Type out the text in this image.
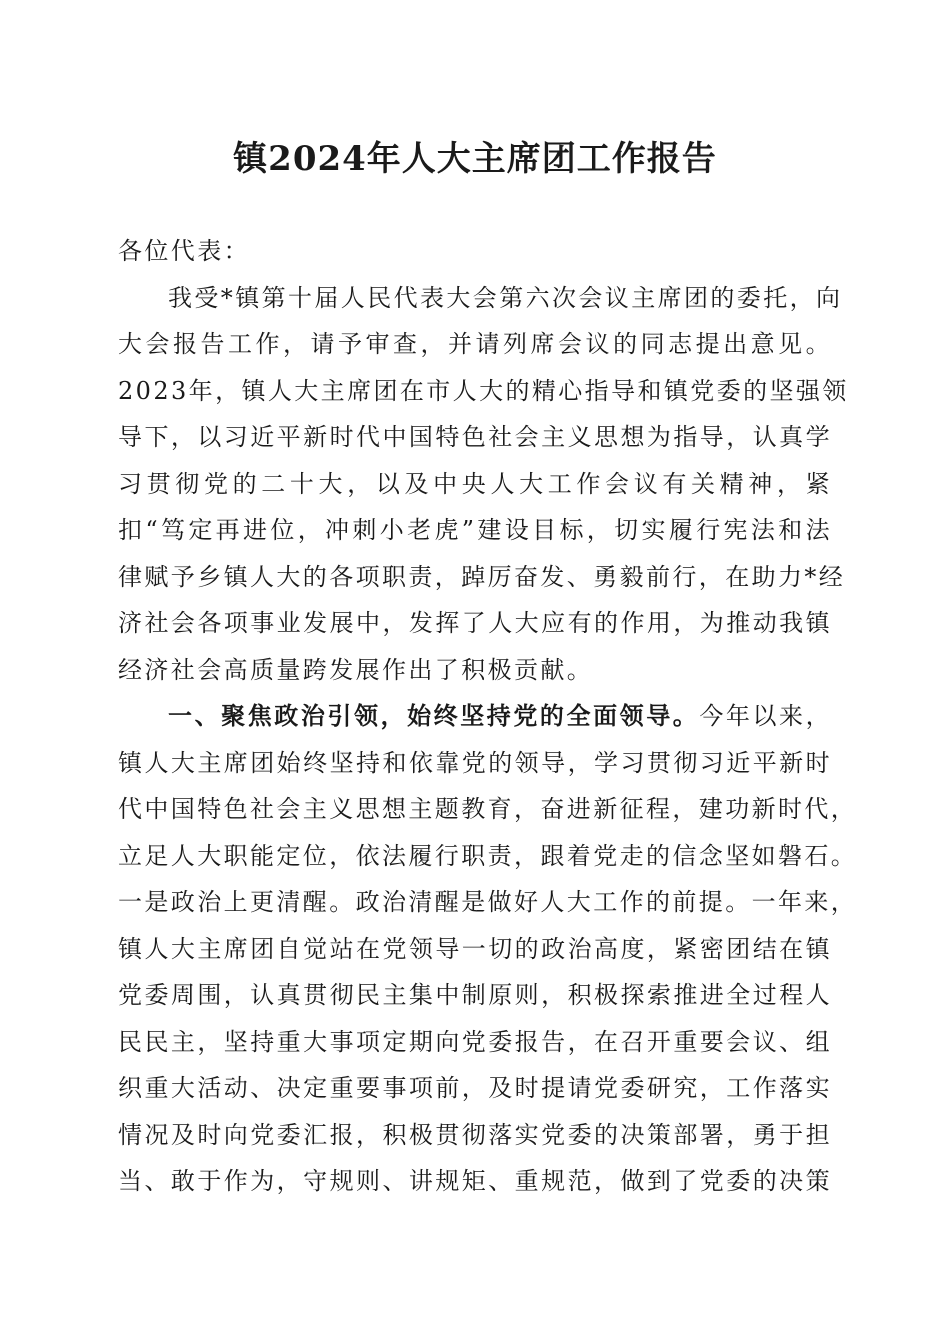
镇2024年人大主席团工作报告
各位代表：
我受*镇第十届人民代表大会第六次会议主席团的委托，向
大会报告工作，请予审查，并请列席会议的同志提出意见。
2023年，镇人大主席团在市人大的精心指导和镇党委的坚强领
导下，以习近平新时代中国特色社会主义思想为指导，认真学
习贯彻党的二十大，以及中央人大工作会议有关精神，紧
扣“笃定再进位，冲刺小老虎”建设目标，切实履行宪法和法
律赋予乡镇人大的各项职责，踔厉奋发、勇毅前行，在助力*经
济社会各项事业发展中，发挥了人大应有的作用，为推动我镇
经济社会高质量跨发展作出了积极贡献。
一、聚焦政治引领，始终坚持党的全面领导。今年以来，
镇人大主席团始终坚持和依靠党的领导，学习贯彻习近平新时
代中国特色社会主义思想主题教育，奋进新征程，建功新时代，
立足人大职能定位，依法履行职责，跟着党走的信念坚如磐石。
一是政治上更清醒。政治清醒是做好人大工作的前提。一年来，
镇人大主席团自觉站在党领导一切的政治高度，紧密团结在镇
党委周围，认真贯彻民主集中制原则，积极探索推进全过程人
民民主，坚持重大事项定期向党委报告，在召开重要会议、组
织重大活动、决定重要事项前，及时提请党委研究，工作落实
情况及时向党委汇报，积极贯彻落实党委的决策部署，勇于担
当、敢于作为，守规则、讲规矩、重规范，做到了党委的决策
